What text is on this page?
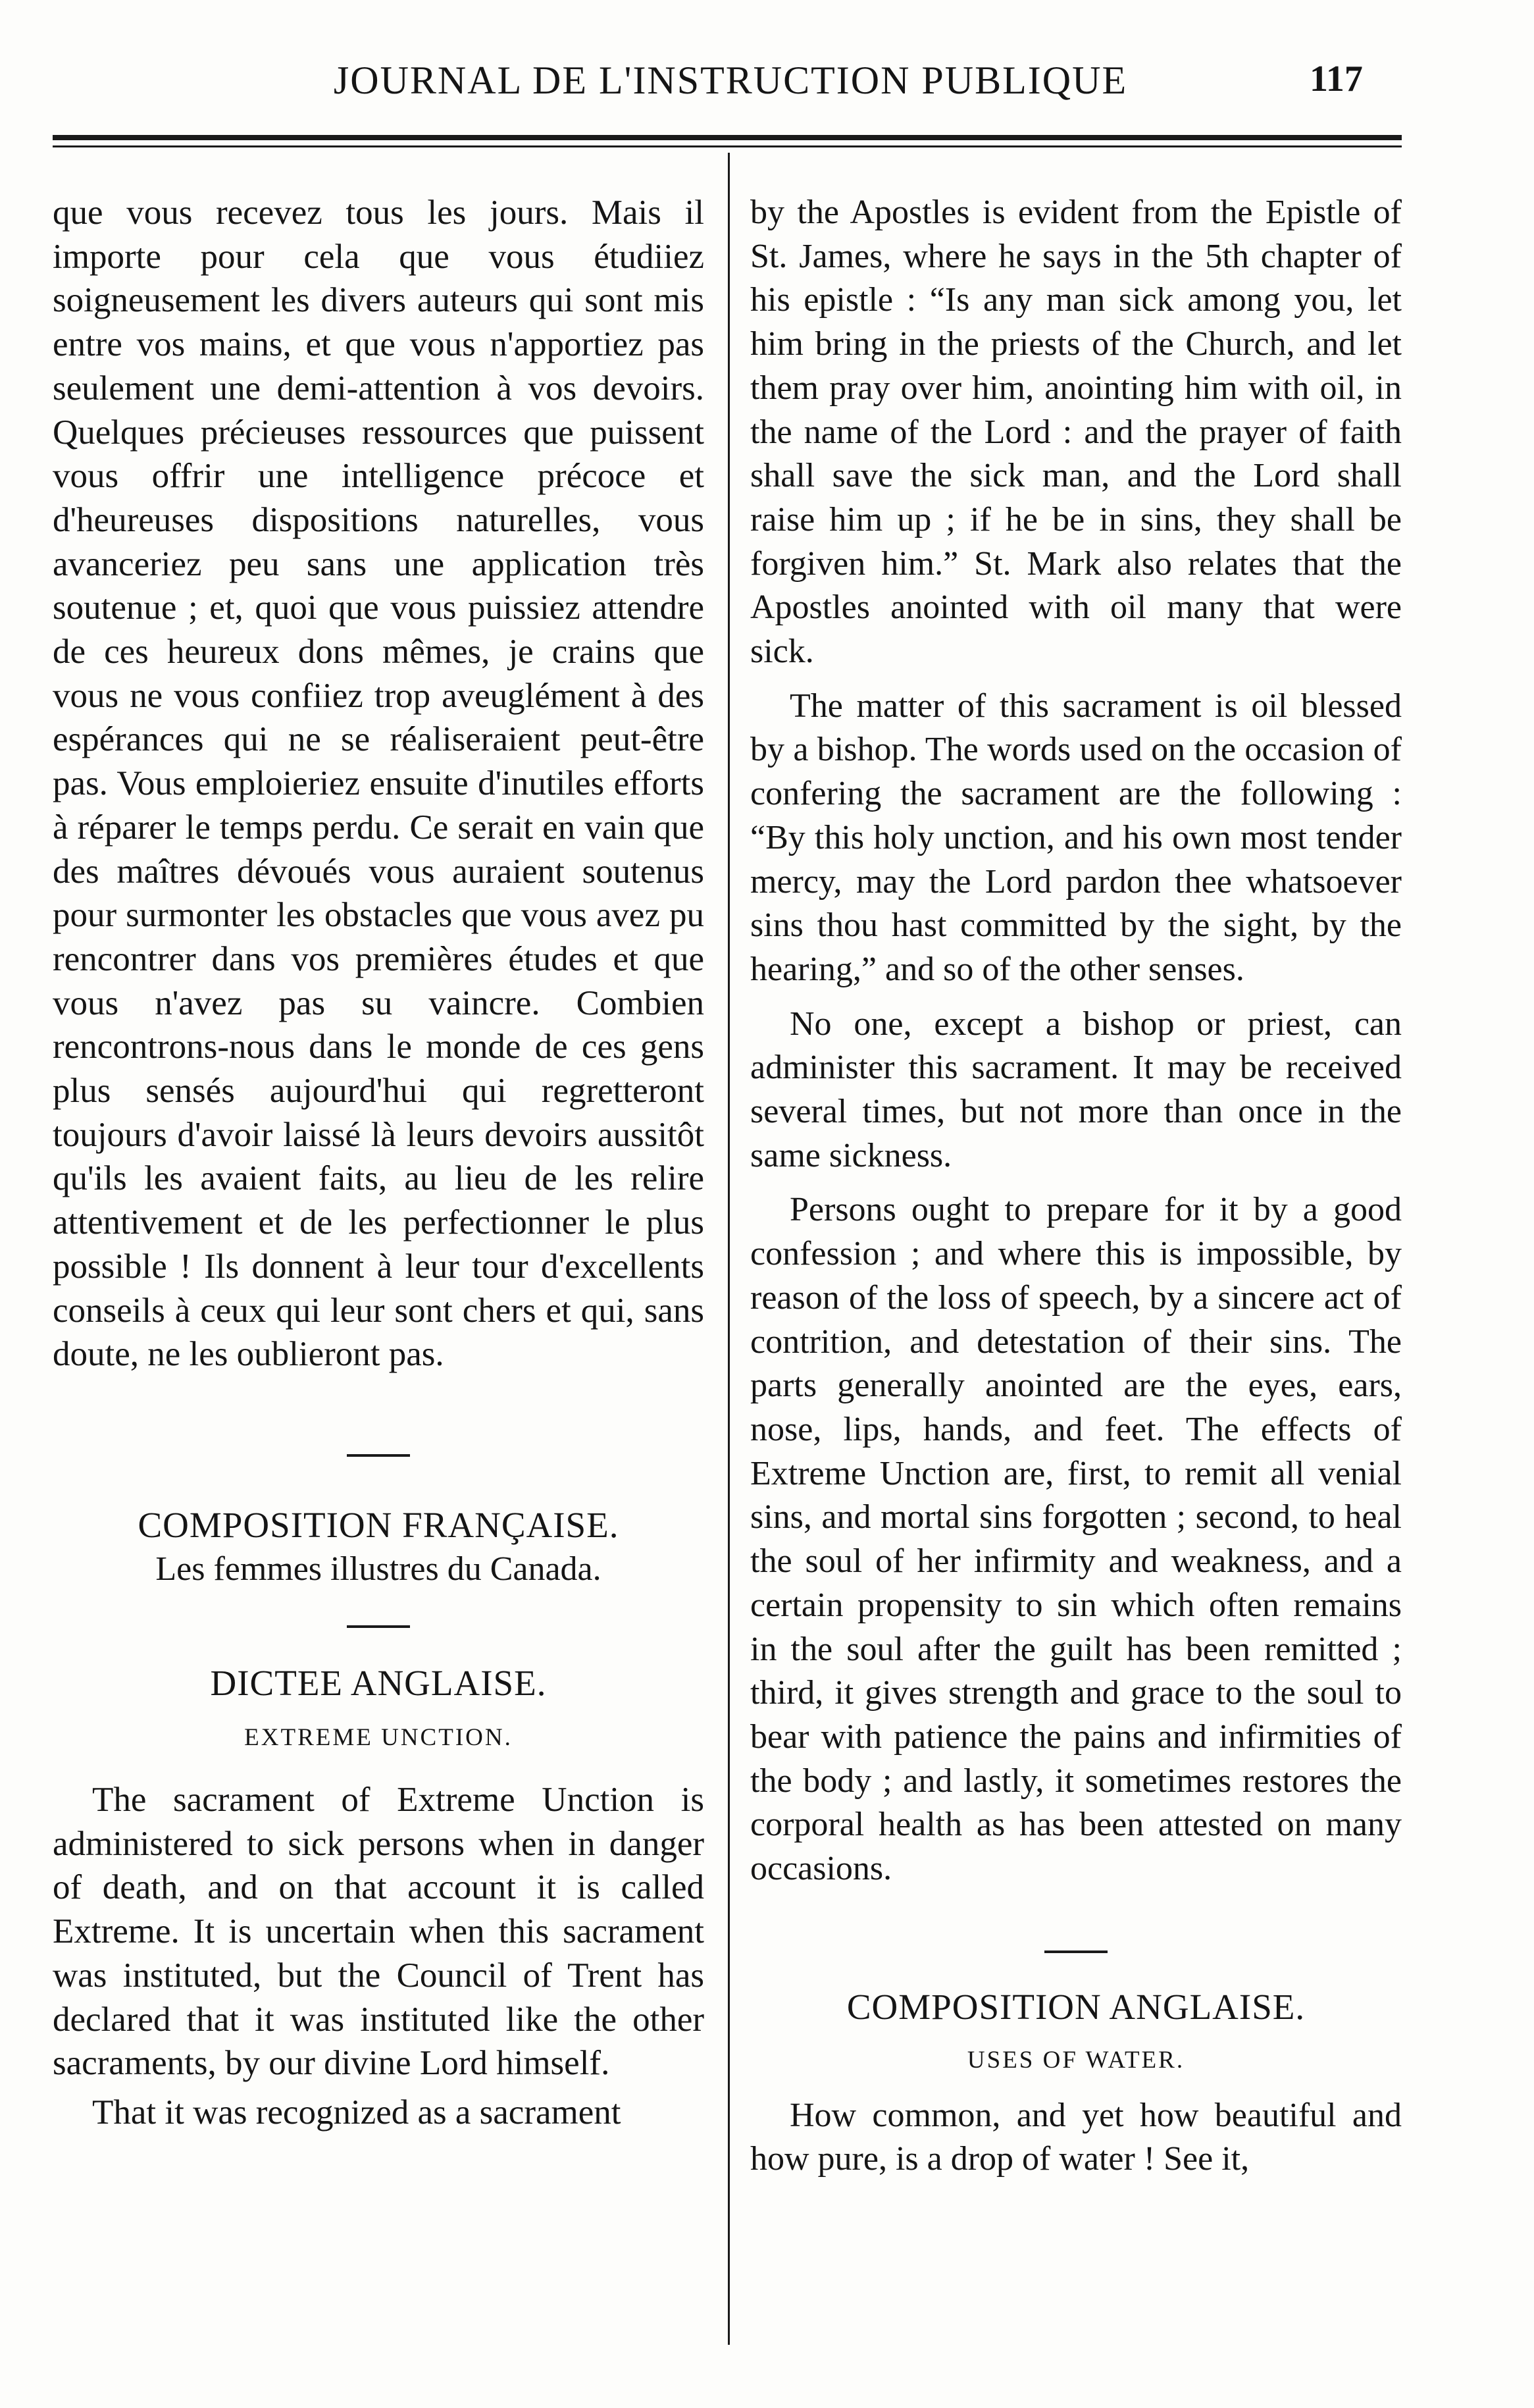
JOURNAL DE L'INSTRUCTION PUBLIQUE	117

que vous recevez tous les jours. Mais il importe pour cela que vous étudiiez soigneusement les divers auteurs qui sont mis entre vos mains, et que vous n'apportiez pas seulement une demi-attention à vos devoirs. Quelques précieuses ressources que puissent vous offrir une intelligence précoce et d'heureuses dispositions naturelles, vous avanceriez peu sans une application très soutenue ; et, quoi que vous puissiez attendre de ces heureux dons mêmes, je crains que vous ne vous confiiez trop aveuglément à des espérances qui ne se réaliseraient peut-être pas. Vous emploieriez ensuite d'inutiles efforts à réparer le temps perdu. Ce serait en vain que des maîtres dévoués vous auraient soutenus pour surmonter les obstacles que vous avez pu rencontrer dans vos premières études et que vous n'avez pas su vaincre. Combien rencontrons-nous dans le monde de ces gens plus sensés aujourd'hui qui regretteront toujours d'avoir laissé là leurs devoirs aussitôt qu'ils les avaient faits, au lieu de les relire attentivement et de les perfectionner le plus possible ! Ils donnent à leur tour d'excellents conseils à ceux qui leur sont chers et qui, sans doute, ne les oublieront pas.

COMPOSITION FRANÇAISE.

Les femmes illustres du Canada.

DICTEE ANGLAISE.

EXTREME UNCTION.

The sacrament of Extreme Unction is administered to sick persons when in danger of death, and on that account it is called Extreme. It is uncertain when this sacrament was instituted, but the Council of Trent has declared that it was instituted like the other sacraments, by our divine Lord himself.

That it was recognized as a sacrament

by the Apostles is evident from the Epistle of St. James, where he says in the 5th chapter of his epistle : “Is any man sick among you, let him bring in the priests of the Church, and let them pray over him, anointing him with oil, in the name of the Lord : and the prayer of faith shall save the sick man, and the Lord shall raise him up ; if he be in sins, they shall be forgiven him.” St. Mark also relates that the Apostles anointed with oil many that were sick.

The matter of this sacrament is oil blessed by a bishop. The words used on the occasion of confering the sacrament are the following : “By this holy unction, and his own most tender mercy, may the Lord pardon thee whatsoever sins thou hast committed by the sight, by the hearing,” and so of the other senses.

No one, except a bishop or priest, can administer this sacrament. It may be received several times, but not more than once in the same sickness.

Persons ought to prepare for it by a good confession ; and where this is impossible, by reason of the loss of speech, by a sincere act of contrition, and detestation of their sins. The parts generally anointed are the eyes, ears, nose, lips, hands, and feet. The effects of Extreme Unction are, first, to remit all venial sins, and mortal sins forgotten ; second, to heal the soul of her infirmity and weakness, and a certain propensity to sin which often remains in the soul after the guilt has been remitted ; third, it gives strength and grace to the soul to bear with patience the pains and infirmities of the body ; and lastly, it sometimes restores the corporal health as has been attested on many occasions.

COMPOSITION ANGLAISE.

USES OF WATER.

How common, and yet how beautiful and how pure, is a drop of water ! See it,
